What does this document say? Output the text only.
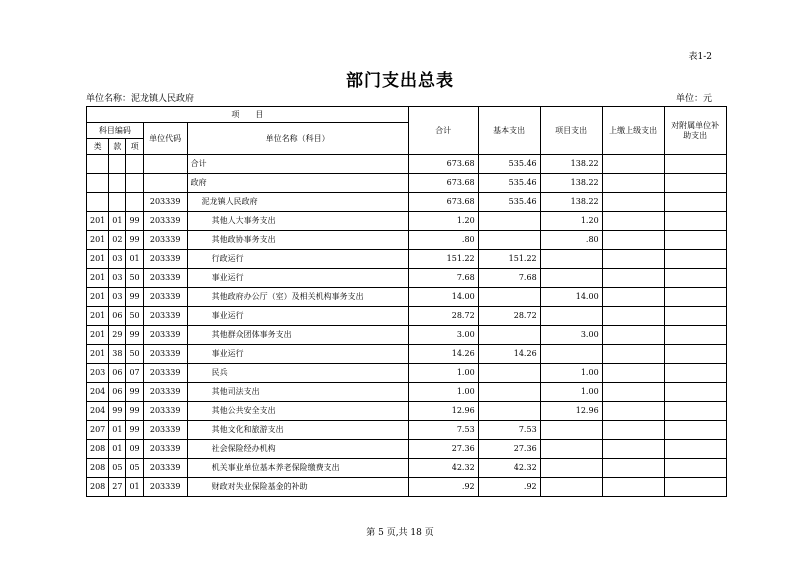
表1-2
部门支出总表
单位名称：泥龙镇人民政府	单位：元
项　　目					合计	基本支出	项目支出	上缴上级支出	对附属单位补助支出
科目编码			单位代码	单位名称（科目）					
类	款	项							
				合计	673.68	535.46	138.22		
				政府	673.68	535.46	138.22		
			203339	泥龙镇人民政府	673.68	535.46	138.22		
201	01	99	203339	其他人大事务支出	1.20		1.20		
201	02	99	203339	其他政协事务支出	.80		.80		
201	03	01	203339	行政运行	151.22	151.22			
201	03	50	203339	事业运行	7.68	7.68			
201	03	99	203339	其他政府办公厅（室）及相关机构事务支出	14.00		14.00		
201	06	50	203339	事业运行	28.72	28.72			
201	29	99	203339	其他群众团体事务支出	3.00		3.00		
201	38	50	203339	事业运行	14.26	14.26			
203	06	07	203339	民兵	1.00		1.00		
204	06	99	203339	其他司法支出	1.00		1.00		
204	99	99	203339	其他公共安全支出	12.96		12.96		
207	01	99	203339	其他文化和旅游支出	7.53	7.53			
208	01	09	203339	社会保险经办机构	27.36	27.36			
208	05	05	203339	机关事业单位基本养老保险缴费支出	42.32	42.32			
208	27	01	203339	财政对失业保险基金的补助	.92	.92			
第 5 页,共 18 页
